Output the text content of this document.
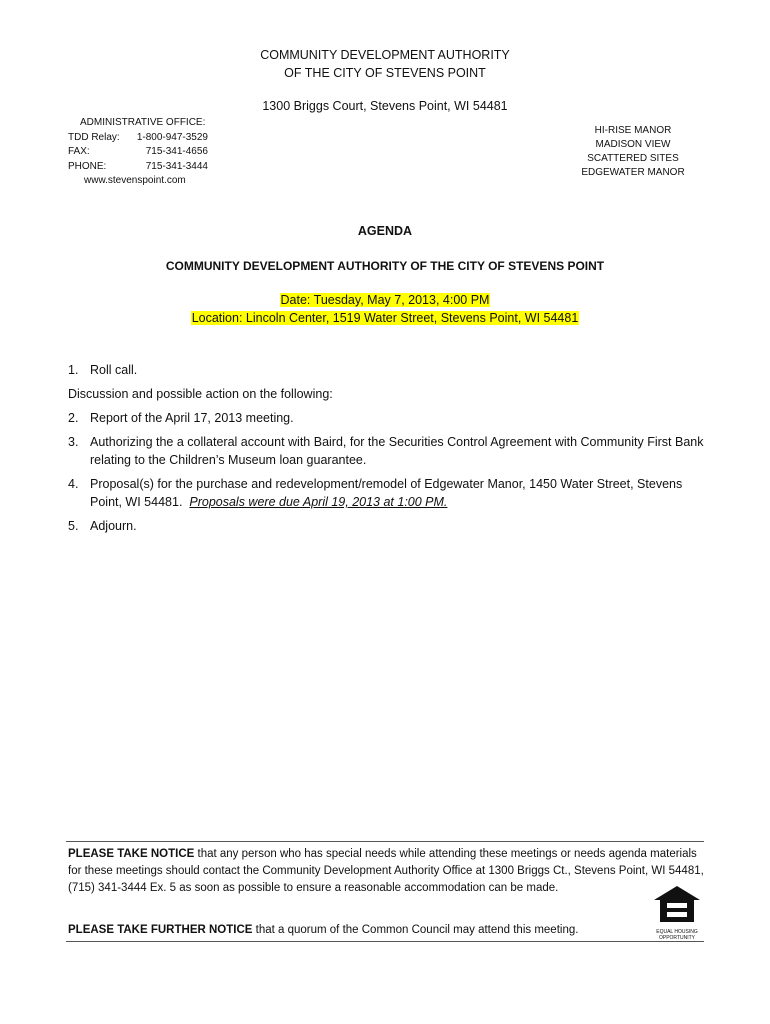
COMMUNITY DEVELOPMENT AUTHORITY
OF THE CITY OF STEVENS POINT
1300 Briggs Court, Stevens Point, WI 54481
ADMINISTRATIVE OFFICE:
TDD Relay:	1-800-947-3529
FAX:	715-341-4656
PHONE:	715-341-3444
www.stevenspoint.com
HI-RISE MANOR
MADISON VIEW
SCATTERED SITES
EDGEWATER MANOR
AGENDA
COMMUNITY DEVELOPMENT AUTHORITY OF THE CITY OF STEVENS POINT
Date: Tuesday, May 7, 2013, 4:00 PM
Location: Lincoln Center, 1519 Water Street, Stevens Point, WI 54481
1. Roll call.
Discussion and possible action on the following:
2. Report of the April 17, 2013 meeting.
3. Authorizing the a collateral account with Baird, for the Securities Control Agreement with Community First Bank relating to the Children’s Museum loan guarantee.
4. Proposal(s) for the purchase and redevelopment/remodel of Edgewater Manor, 1450 Water Street, Stevens Point, WI 54481. Proposals were due April 19, 2013 at 1:00 PM.
5. Adjourn.
PLEASE TAKE NOTICE that any person who has special needs while attending these meetings or needs agenda materials for these meetings should contact the Community Development Authority Office at 1300 Briggs Ct., Stevens Point, WI 54481, (715) 341-3444 Ex. 5 as soon as possible to ensure a reasonable accommodation can be made.
PLEASE TAKE FURTHER NOTICE that a quorum of the Common Council may attend this meeting.	EQUAL HOUSING
OPPORTUNITY
